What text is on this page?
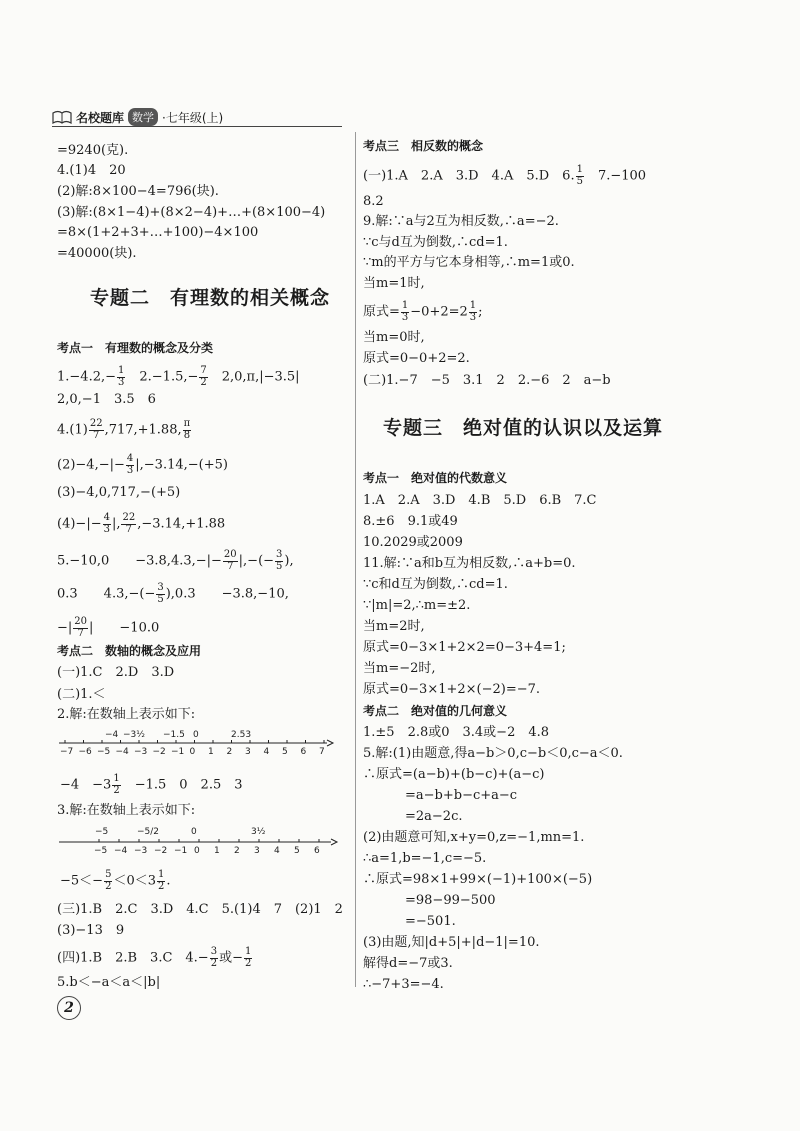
名校题库 数学 ·七年级(上)
=9240(克).
4.(1)4　20
(2)解:8×100−4=796(块).
(3)解:(8×1−4)+(8×2−4)+…+(8×100−4)
=8×(1+2+3+…+100)−4×100
=40000(块).
专题二　有理数的相关概念
考点一　有理数的概念及分类
$1.-4.2,- \frac{1}{3}$ 　$2.-1.5,- \frac{7}{2}$ 　2,0,π,|−3.5|
2,0,−1　3.5　6
$4.(1) \frac{22}{7} ,717,+1.88$, $\frac{\pi}{8}$
$(2)-4,-|- \frac{4}{3} |,-3.14,-(+5)$
(3)−4,0,717,−(+5)
$(4)-|- \frac{4}{3}$ |, $\frac{22}{7} ,-3.14,+1.88$
5.−10,0　　$-3.8,4.3,-|- \frac{20}{7}$ |,−(− $\frac{3}{5}$ ),
0.3　　$4.3,-(- \frac{3}{5} ),0.3$　　−3.8,−10,
−| $\frac{20}{7}$ |　　−10.0
考点二　数轴的概念及应用
(一)1.C　2.D　3.D
(二)1.＜
2.解:在数轴上表示如下:
−7 −6 −5 −4 −3 −2 −1 0 1 2 3 4 5 6 7
−4 −3½ −1.5 0	2.53
−4　$-3 \frac{1}{2}$
　 −1.5　0　2.5　3
3.解:在数轴上表示如下:
−5 −4 −3 −2 −1 0 1 2 3 4 5 6
−5	−5/2	0	3½
$-5<- \frac{5}{2} <0<3 \frac{1}{2}$ .
(三)1.B　2.C　3.D　4.C　5.(1)4　7　(2)1　2
(3)−13　9
(四)1.B　2.B　3.C　$4.- \frac{3}{2}$ 或− $\frac{1}{2}$
5.b＜−a＜a＜|b|
2
考点三　相反数的概念
(一)1.A　2.A　3.D　4.A　5.D　6. $\frac{1}{5}$ 　7.−100
8.2
9.解:∵a与2互为相反数,∴a=−2.
∵c与d互为倒数,∴cd=1.
∵m的平方与它本身相等,∴m=1或0.
当m=1时,
原式= $\frac{1}{3} -0+2=2 \frac{1}{3}$ ;
当m=0时,
原式=0−0+2=2.
(二)1.−7　−5　3.1　2　2.−6　2　a−b
专题三　绝对值的认识以及运算
考点一　绝对值的代数意义
1.A　2.A　3.D　4.B　5.D　6.B　7.C
8.±6　9.1或49
10.2029或2009
11.解:∵a和b互为相反数,∴a+b=0.
∵c和d互为倒数,∴cd=1.
∵|m|=2,∴m=±2.
当m=2时,
原式=0−3×1+2×2=0−3+4=1;
当m=−2时,
原式=0−3×1+2×(−2)=−7.
考点二　绝对值的几何意义
1.±5　2.8或0　3.4或−2　4.8
5.解:(1)由题意,得a−b＞0,c−b＜0,c−a＜0.
∴原式=(a−b)+(b−c)+(a−c)
=a−b+b−c+a−c
=2a−2c.
(2)由题意可知,x+y=0,z=−1,mn=1.
∴a=1,b=−1,c=−5.
∴原式=98×1+99×(−1)+100×(−5)
=98−99−500
=−501.
(3)由题,知|d+5|+|d−1|=10.
解得d=−7或3.
∴−7+3=−4.
